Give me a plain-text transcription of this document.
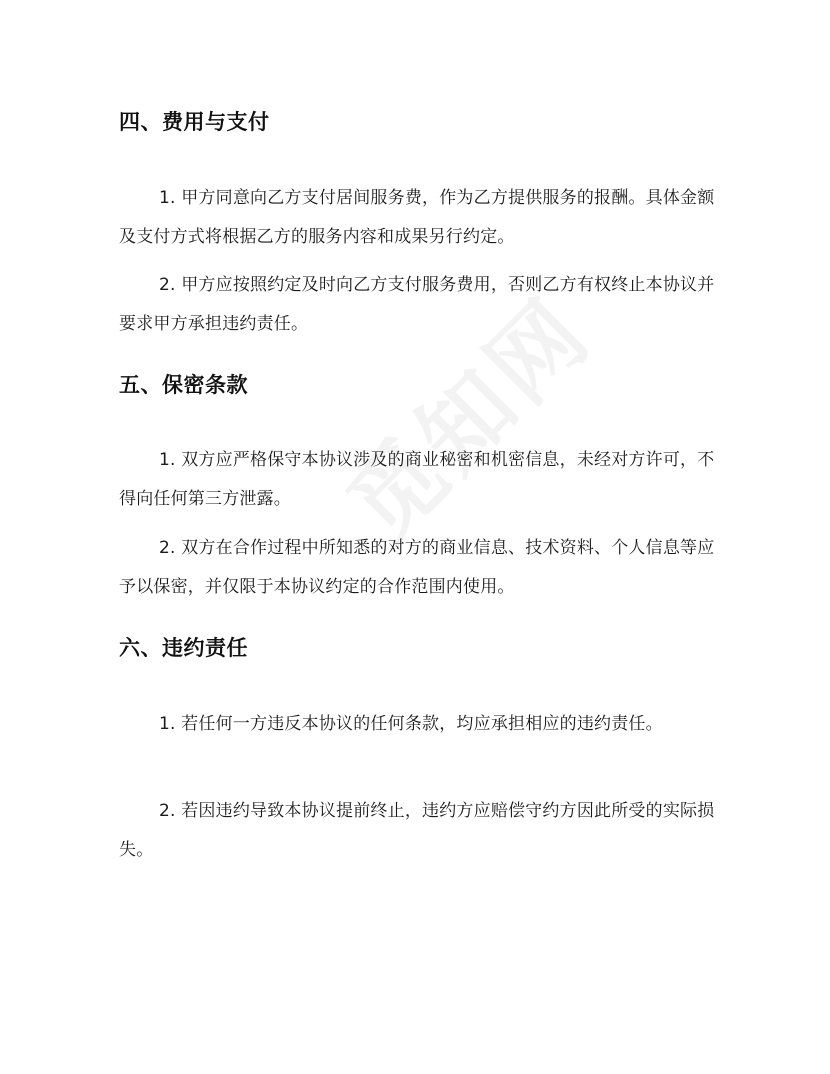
四、费用与支付
1. 甲方同意向乙方支付居间服务费，作为乙方提供服务的报酬。具体金额及支付方式将根据乙方的服务内容和成果另行约定。
2. 甲方应按照约定及时向乙方支付服务费用，否则乙方有权终止本协议并要求甲方承担违约责任。
五、保密条款
1. 双方应严格保守本协议涉及的商业秘密和机密信息，未经对方许可，不得向任何第三方泄露。
2. 双方在合作过程中所知悉的对方的商业信息、技术资料、个人信息等应予以保密，并仅限于本协议约定的合作范围内使用。
六、违约责任
1. 若任何一方违反本协议的任何条款，均应承担相应的违约责任。
2. 若因违约导致本协议提前终止，违约方应赔偿守约方因此所受的实际损失。
